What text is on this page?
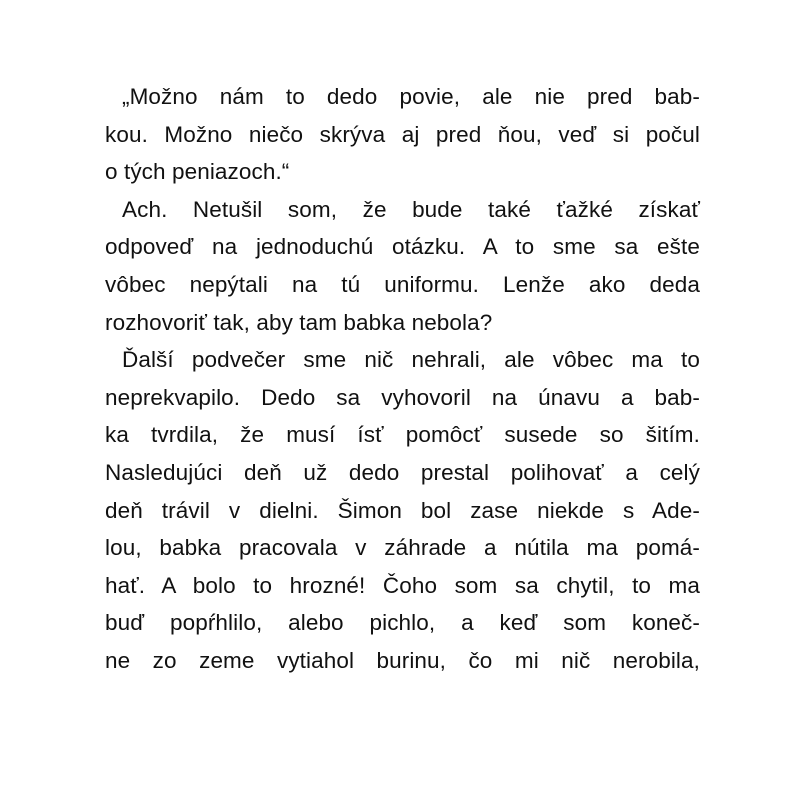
„Možno nám to dedo povie, ale nie pred bab-
kou. Možno niečo skrýva aj pred ňou, veď si počul
o tých peniazoch.“
Ach. Netušil som, že bude také ťažké získať
odpoveď na jednoduchú otázku. A to sme sa ešte
vôbec nepýtali na tú uniformu. Lenže ako deda
rozhovoriť tak, aby tam babka nebola?
Ďalší podvečer sme nič nehrali, ale vôbec ma to
neprekvapilo. Dedo sa vyhovoril na únavu a bab-
ka tvrdila, že musí ísť pomôcť susede so šitím.
Nasledujúci deň už dedo prestal polihovať a celý
deň trávil v dielni. Šimon bol zase niekde s Ade-
lou, babka pracovala v záhrade a nútila ma pomá-
hať. A bolo to hrozné! Čoho som sa chytil, to ma
buď popŕhlilo, alebo pichlo, a keď som koneč-
ne zo zeme vytiahol burinu, čo mi nič nerobila,
